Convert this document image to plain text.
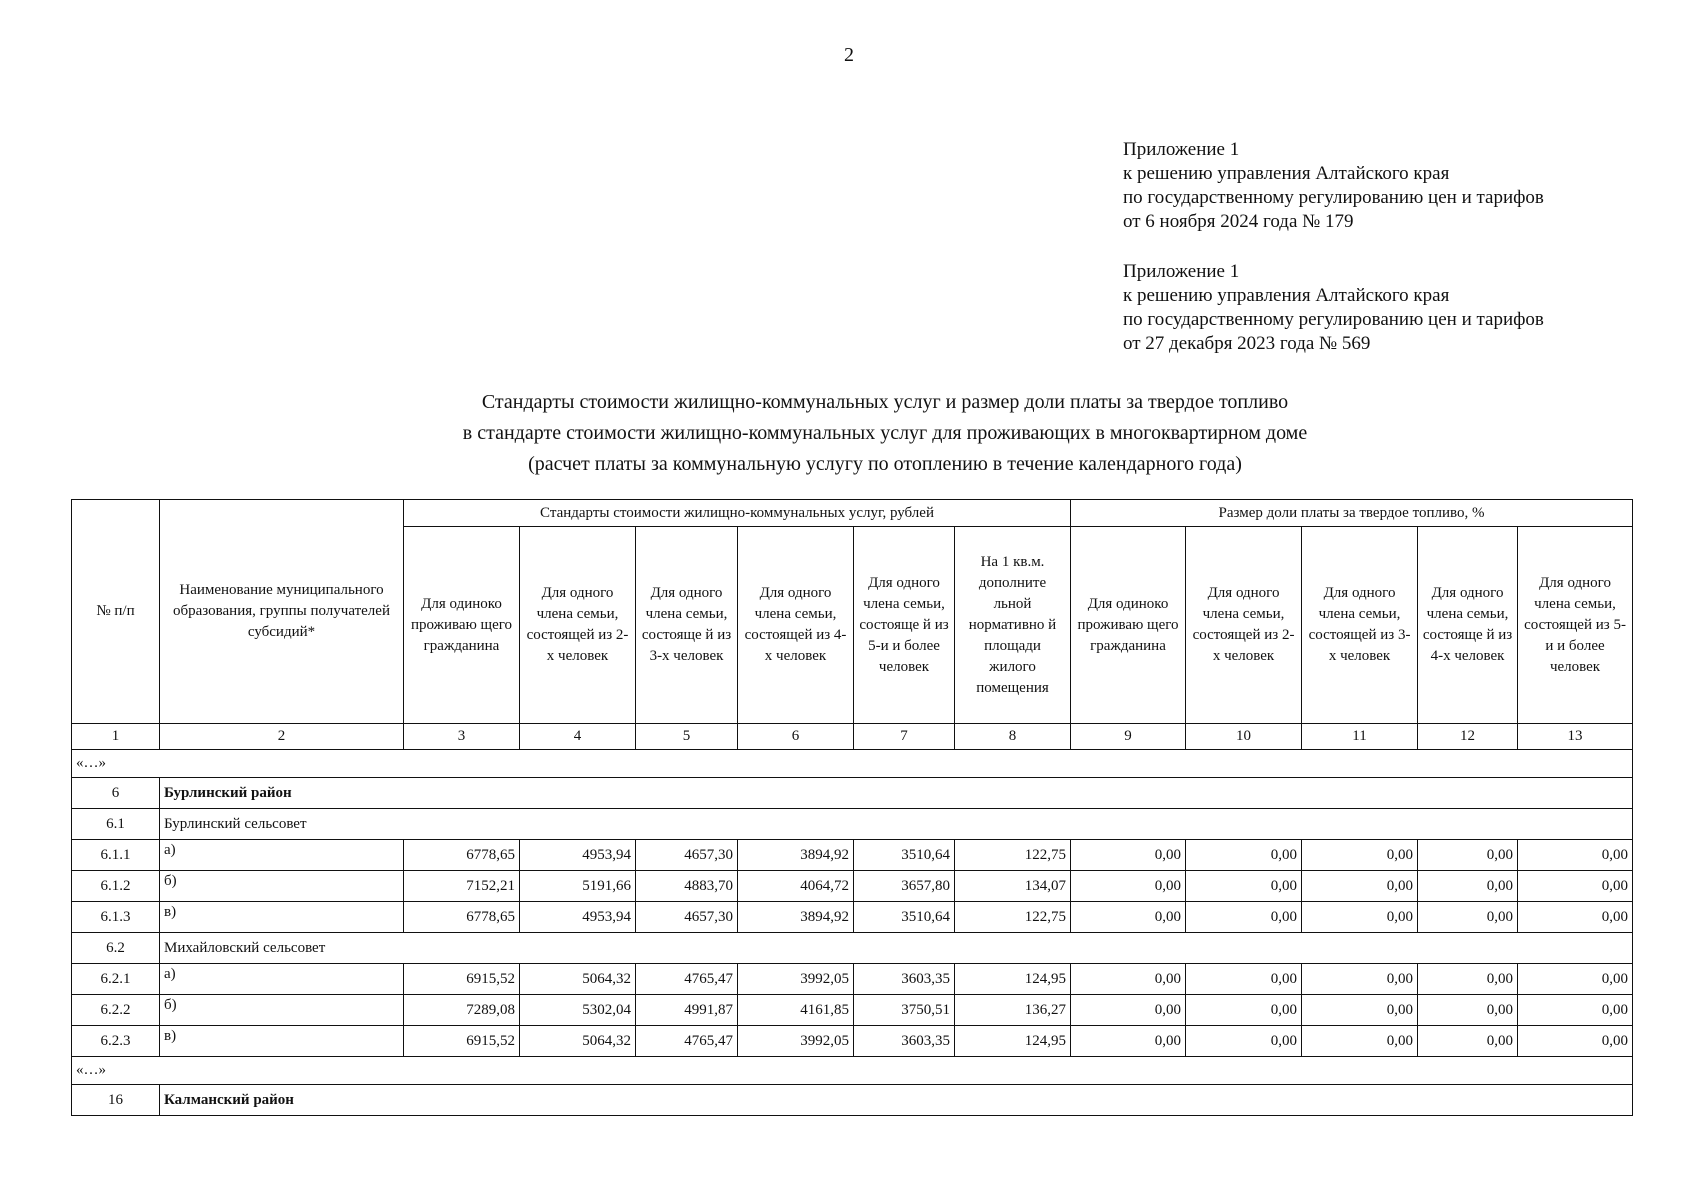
2
Приложение 1
к решению управления Алтайского края
по государственному регулированию цен и тарифов
от 6 ноября 2024 года № 179
Приложение 1
к решению управления Алтайского края
по государственному регулированию цен и тарифов
от 27 декабря 2023 года № 569
Стандарты стоимости жилищно-коммунальных услуг и размер доли платы за твердое топливо
в стандарте стоимости жилищно-коммунальных услуг для проживающих в многоквартирном доме
(расчет платы за коммунальную услугу по отоплению в течение календарного года)
№ п/п	Наименование муниципального образования, группы получателей субсидий*	Стандарты стоимости жилищно-коммунальных услуг, рублей						Размер доли платы за твердое топливо, %				
		Для одиноко проживаю щего гражданина	Для одного члена семьи, состоящей из 2-х человек	Для одного члена семьи, состояще й из 3-х человек	Для одного члена семьи, состоящей из 4-х человек	Для одного члена семьи, состояще й из 5-и и более человек	На 1 кв.м. дополните льной нормативно й площади жилого помещения	Для одиноко проживаю щего гражданина	Для одного члена семьи, состоящей из 2-х человек	Для одного члена семьи, состоящей из 3-х человек	Для одного члена семьи, состояще й из 4-х человек	Для одного члена семьи, состоящей из 5-и и более человек
1	2	3	4	5	6	7	8	9	10	11	12	13
«…»												
6	Бурлинский район											
6.1	Бурлинский сельсовет											
6.1.1	а)	6778,65	4953,94	4657,30	3894,92	3510,64	122,75	0,00	0,00	0,00	0,00	0,00
6.1.2	б)	7152,21	5191,66	4883,70	4064,72	3657,80	134,07	0,00	0,00	0,00	0,00	0,00
6.1.3	в)	6778,65	4953,94	4657,30	3894,92	3510,64	122,75	0,00	0,00	0,00	0,00	0,00
6.2	Михайловский сельсовет											
6.2.1	а)	6915,52	5064,32	4765,47	3992,05	3603,35	124,95	0,00	0,00	0,00	0,00	0,00
6.2.2	б)	7289,08	5302,04	4991,87	4161,85	3750,51	136,27	0,00	0,00	0,00	0,00	0,00
6.2.3	в)	6915,52	5064,32	4765,47	3992,05	3603,35	124,95	0,00	0,00	0,00	0,00	0,00
«…»												
16	Калманский район											
